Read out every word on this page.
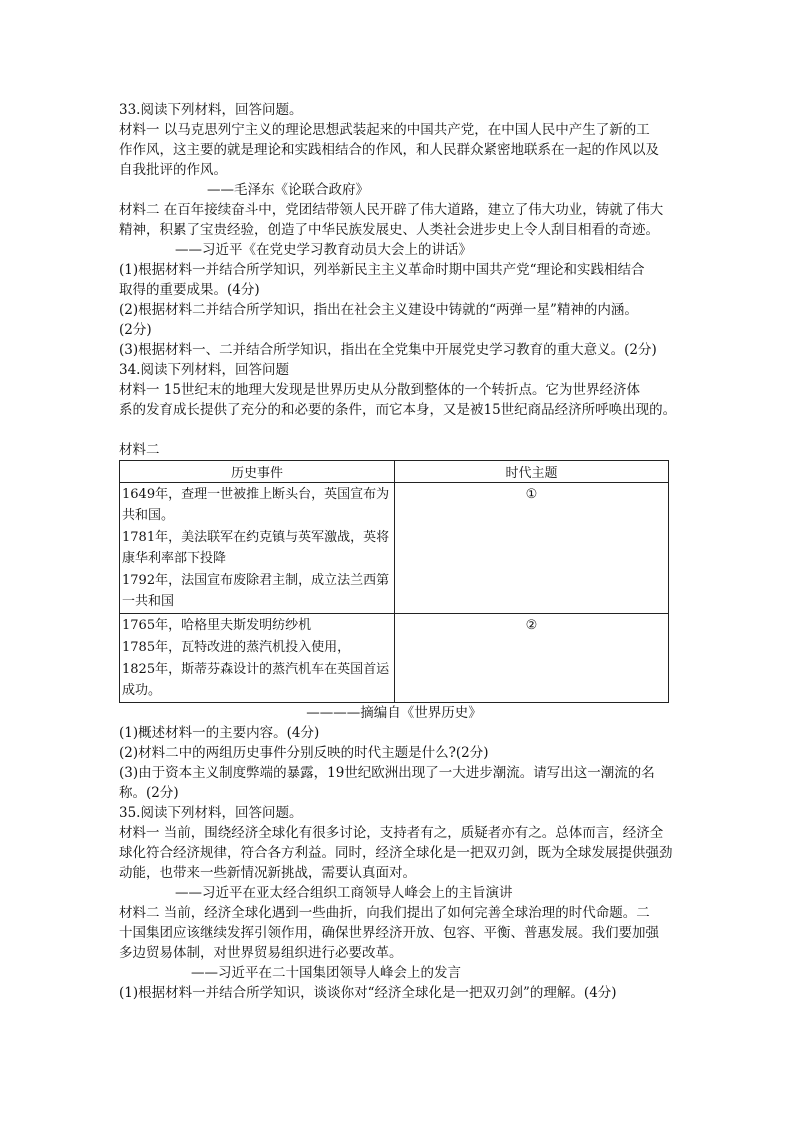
33.阅读下列材料，回答问题。
材料一 以马克思列宁主义的理论思想武装起来的中国共产党，在中国人民中产生了新的工
作作风，这主要的就是理论和实践相结合的作风，和人民群众紧密地联系在一起的作风以及
自我批评的作风。
——毛泽东《论联合政府》
材料二 在百年接续奋斗中，党团结带领人民开辟了伟大道路，建立了伟大功业，铸就了伟大
精神，积累了宝贵经验，创造了中华民族发展史、人类社会进步史上令人刮目相看的奇迹。
——习近平《在党史学习教育动员大会上的讲话》
(1)根据材料一并结合所学知识，列举新民主主义革命时期中国共产党“理论和实践相结合
取得的重要成果。(4分)
(2)根据材料二并结合所学知识，指出在社会主义建设中铸就的“两弹一星”精神的内涵。
(2分)
(3)根据材料一、二并结合所学知识，指出在全党集中开展党史学习教育的重大意义。(2分)
34.阅读下列材料，回答问题
材料一 15世纪末的地理大发现是世界历史从分散到整体的一个转折点。它为世界经济体
系的发育成长提供了充分的和必要的条件，而它本身，又是被15世纪商品经济所呼唤出现的。
材料二
历史事件	时代主题

1649年，查理一世被推上断头台，英国宣布为共和国。

1781年，美法联军在约克镇与英军激战，英将康华利率部下投降

1792年，法国宣布废除君主制，成立法兰西第一共和国	①

1765年，哈格里夫斯发明纺纱机

1785年，瓦特改进的蒸汽机投入使用，

1825年，斯蒂芬森设计的蒸汽机车在英国首运成功。	②
————摘编自《世界历史》
(1)概述材料一的主要内容。(4分)
(2)材料二中的两组历史事件分别反映的时代主题是什么?(2分)
(3)由于资本主义制度弊端的暴露，19世纪欧洲出现了一大进步潮流。请写出这一潮流的名
称。(2分)
35.阅读下列材料，回答问题。
材料一 当前，围绕经济全球化有很多讨论，支持者有之，质疑者亦有之。总体而言，经济全
球化符合经济规律，符合各方利益。同时，经济全球化是一把双刃剑，既为全球发展提供强劲
动能，也带来一些新情况新挑战，需要认真面对。
——习近平在亚太经合组织工商领导人峰会上的主旨演讲
材料二 当前，经济全球化遇到一些曲折，向我们提出了如何完善全球治理的时代命题。二
十国集团应该继续发挥引领作用，确保世界经济开放、包容、平衡、普惠发展。我们要加强
多边贸易体制，对世界贸易组织进行必要改革。
——习近平在二十国集团领导人峰会上的发言
(1)根据材料一并结合所学知识，谈谈你对“经济全球化是一把双刃剑”的理解。(4分)
